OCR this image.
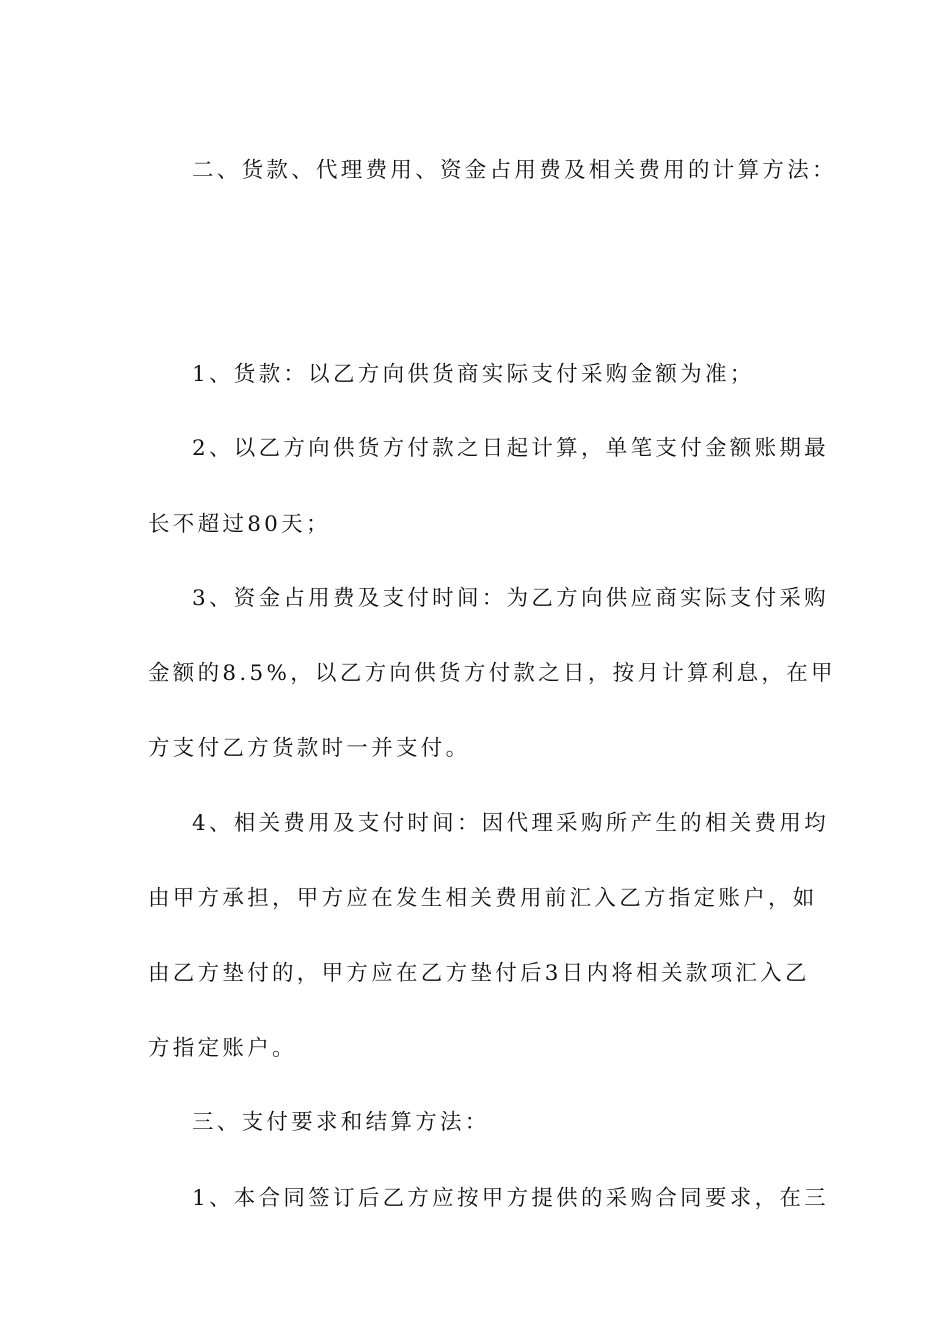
二、货款、代理费用、资金占用费及相关费用的计算方法：
1、货款：以乙方向供货商实际支付采购金额为准；
2、以乙方向供货方付款之日起计算，单笔支付金额账期最
长不超过80天；
3、资金占用费及支付时间：为乙方向供应商实际支付采购
金额的8.5%，以乙方向供货方付款之日，按月计算利息，在甲
方支付乙方货款时一并支付。
4、相关费用及支付时间：因代理采购所产生的相关费用均
由甲方承担，甲方应在发生相关费用前汇入乙方指定账户，如
由乙方垫付的，甲方应在乙方垫付后3日内将相关款项汇入乙
方指定账户。
三、支付要求和结算方法：
1、本合同签订后乙方应按甲方提供的采购合同要求，在三
